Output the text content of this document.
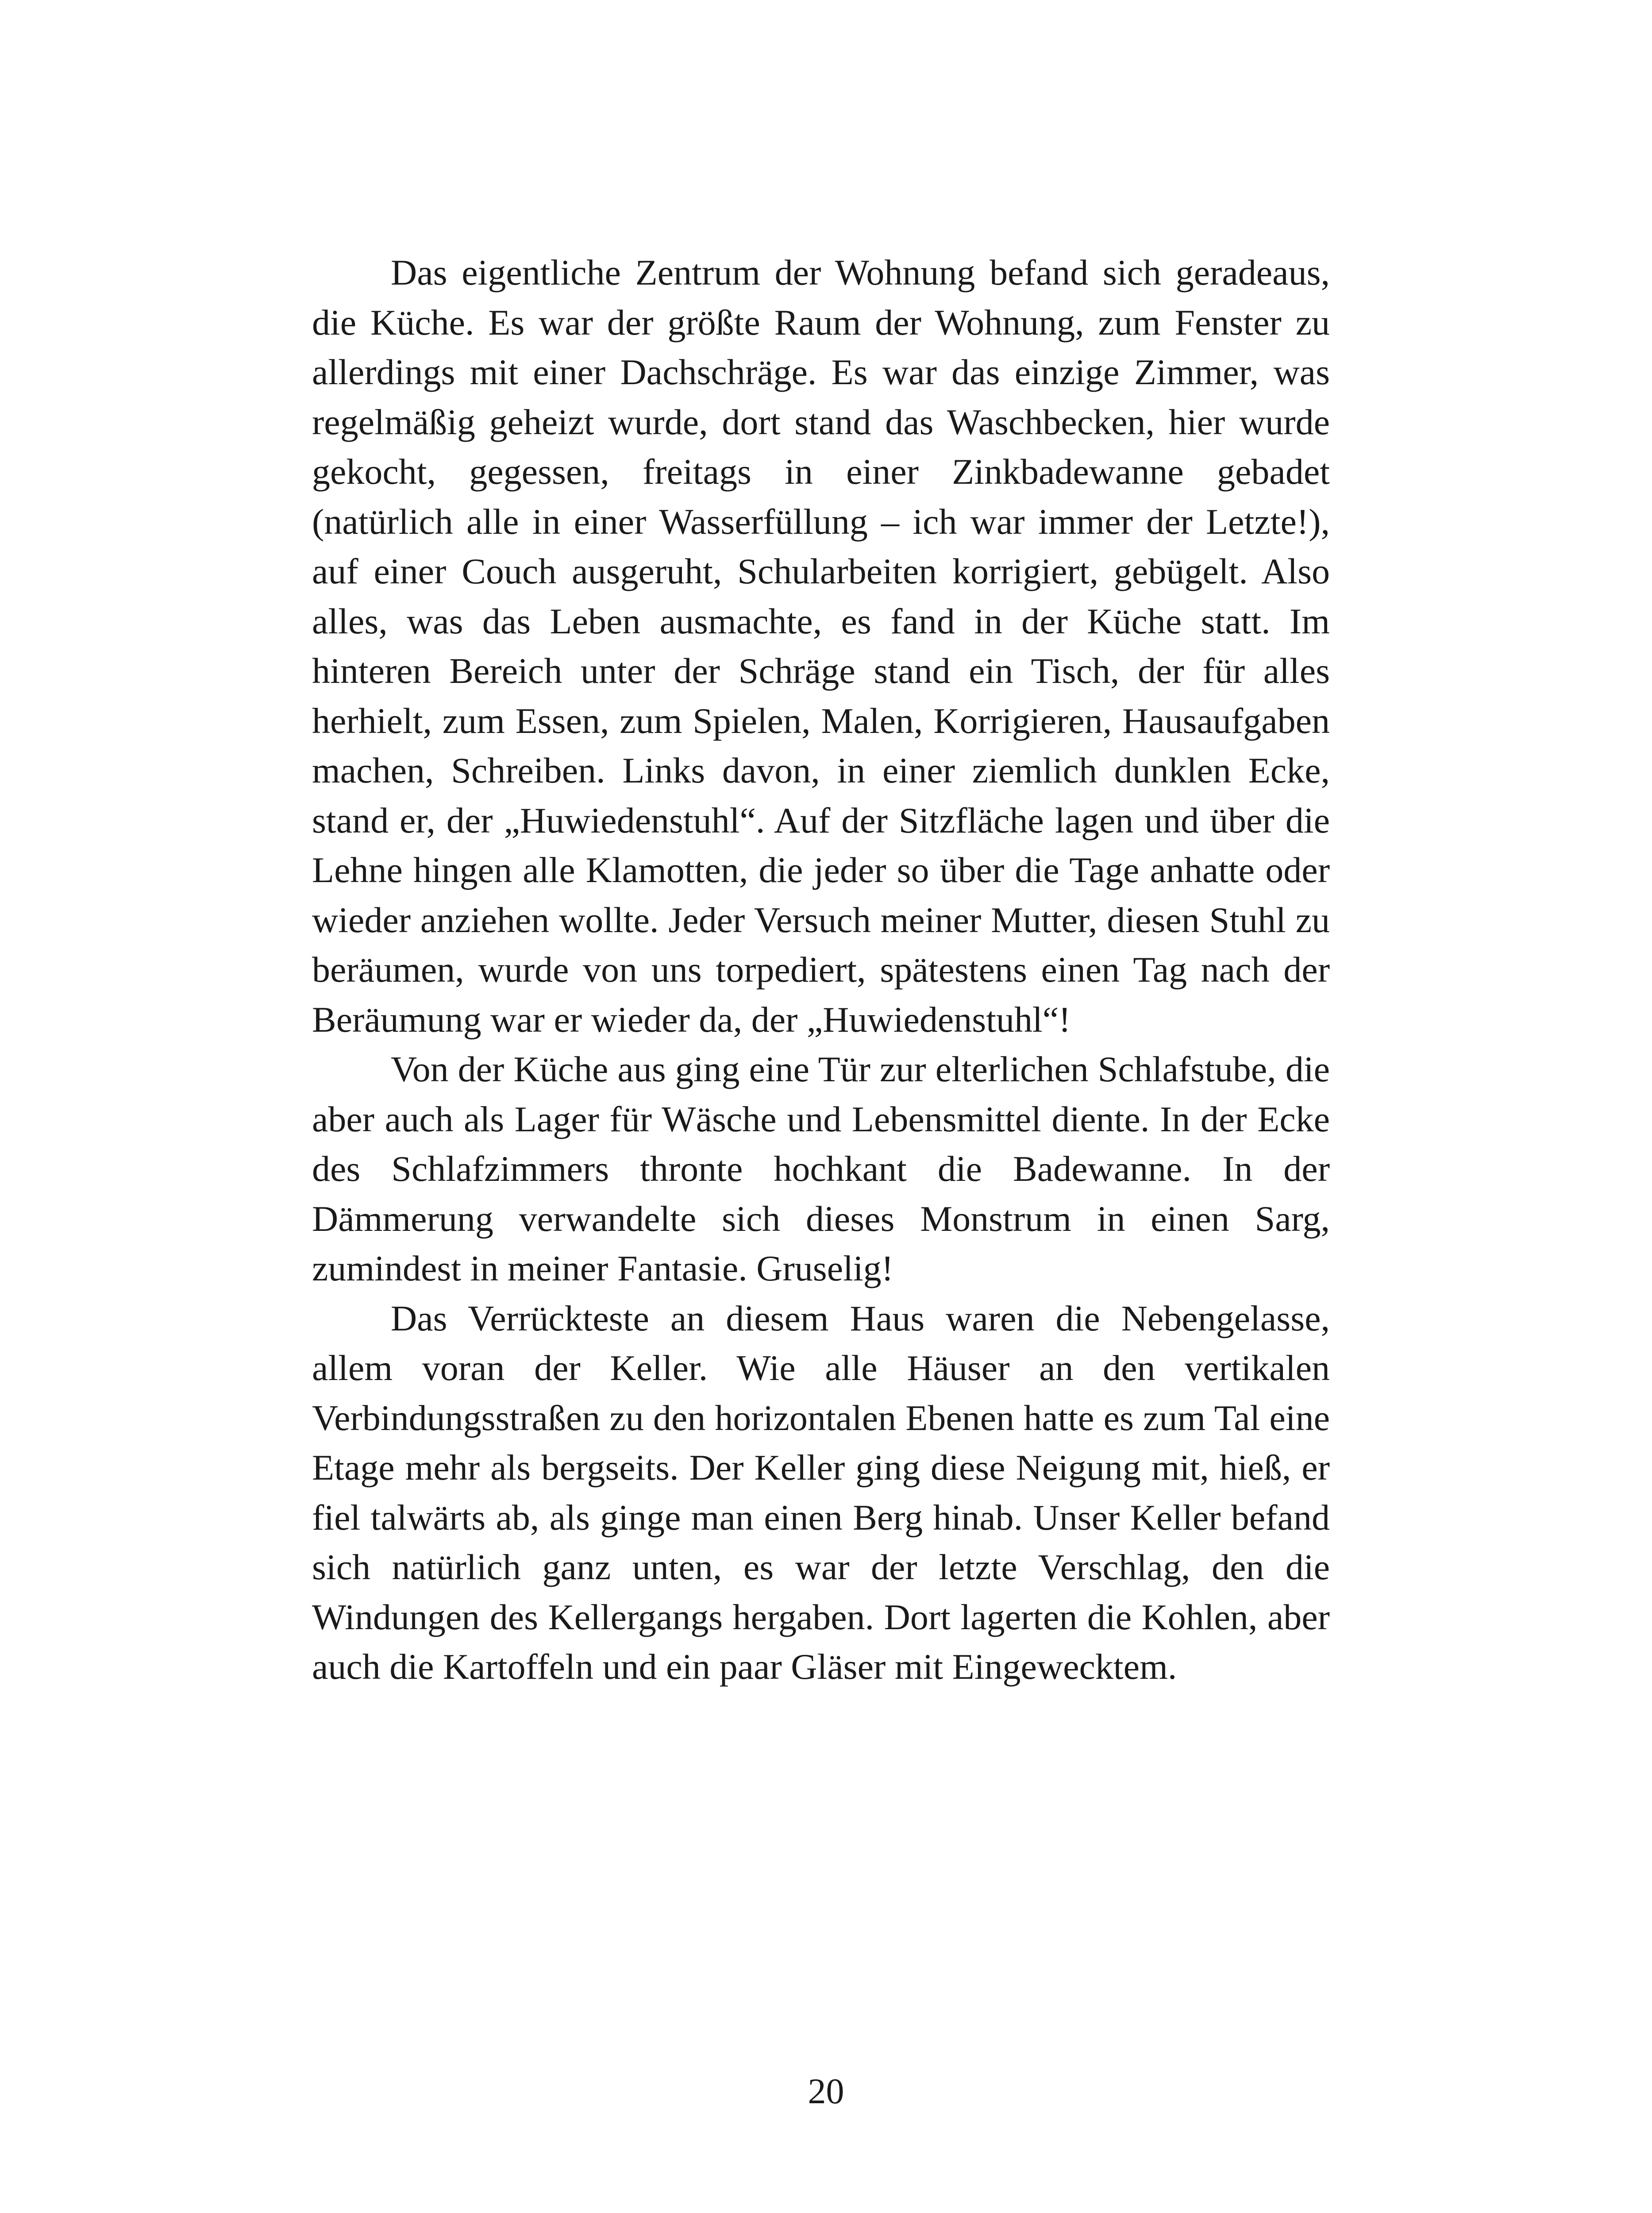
Das eigentliche Zentrum der Wohnung befand sich geradeaus, die Küche. Es war der größte Raum der Wohnung, zum Fenster zu allerdings mit einer Dachschräge. Es war das einzige Zimmer, was regelmäßig geheizt wurde, dort stand das Waschbecken, hier wurde gekocht, gegessen, freitags in einer Zinkbadewanne gebadet (natürlich alle in einer Wasserfüllung – ich war immer der Letzte!), auf einer Couch ausgeruht, Schularbeiten korrigiert, gebügelt. Also alles, was das Leben ausmachte, es fand in der Küche statt. Im hinteren Bereich unter der Schräge stand ein Tisch, der für alles herhielt, zum Essen, zum Spielen, Malen, Korrigieren, Hausaufgaben machen, Schreiben. Links davon, in einer ziemlich dunklen Ecke, stand er, der „Huwiedenstuhl“. Auf der Sitzfläche lagen und über die Lehne hingen alle Klamotten, die jeder so über die Tage anhatte oder wieder anziehen wollte. Jeder Versuch meiner Mutter, diesen Stuhl zu beräumen, wurde von uns torpediert, spätestens einen Tag nach der Beräumung war er wieder da, der „Huwiedenstuhl“!

Von der Küche aus ging eine Tür zur elterlichen Schlafstube, die aber auch als Lager für Wäsche und Lebensmittel diente. In der Ecke des Schlafzimmers thronte hochkant die Badewanne. In der Dämmerung verwandelte sich dieses Monstrum in einen Sarg, zumindest in meiner Fantasie. Gruselig!

Das Verrückteste an diesem Haus waren die Nebengelasse, allem voran der Keller. Wie alle Häuser an den vertikalen Verbindungsstraßen zu den horizontalen Ebenen hatte es zum Tal eine Etage mehr als bergseits. Der Keller ging diese Neigung mit, hieß, er fiel talwärts ab, als ginge man einen Berg hinab. Unser Keller befand sich natürlich ganz unten, es war der letzte Verschlag, den die Windungen des Kellergangs hergaben. Dort lagerten die Kohlen, aber auch die Kartoffeln und ein paar Gläser mit Eingewecktem.

20
